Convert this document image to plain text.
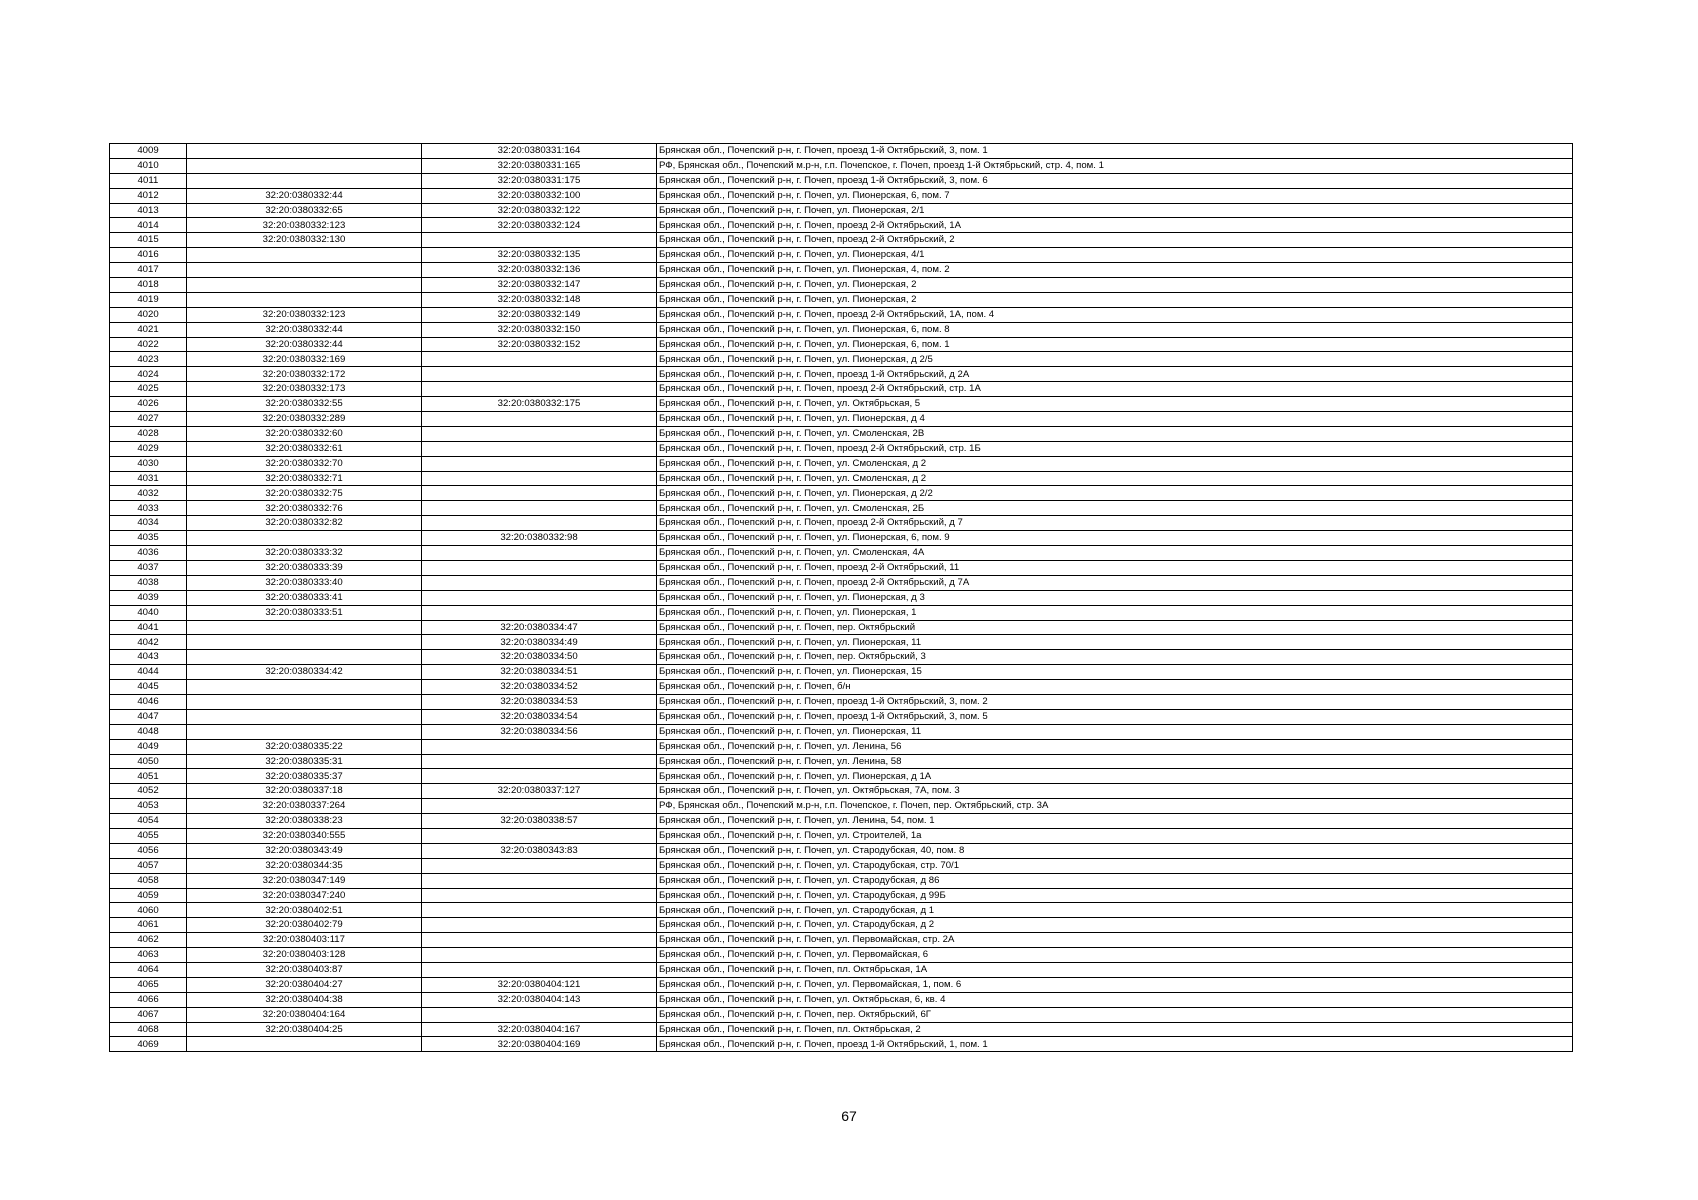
4009		32:20:0380331:164	Брянская обл., Почепский р-н, г. Почеп, проезд 1-й Октябрьский, 3, пом. 1
4010		32:20:0380331:165	РФ, Брянская обл., Почепский м.р-н, г.п. Почепское, г. Почеп, проезд 1-й Октябрьский, стр. 4, пом. 1
4011		32:20:0380331:175	Брянская обл., Почепский р-н, г. Почеп, проезд 1-й Октябрьский, 3, пом. 6
4012	32:20:0380332:44	32:20:0380332:100	Брянская обл., Почепский р-н, г. Почеп, ул. Пионерская, 6, пом. 7
4013	32:20:0380332:65	32:20:0380332:122	Брянская обл., Почепский р-н, г. Почеп, ул. Пионерская, 2/1
4014	32:20:0380332:123	32:20:0380332:124	Брянская обл., Почепский р-н, г. Почеп, проезд 2-й Октябрьский, 1А
4015	32:20:0380332:130		Брянская обл., Почепский р-н, г. Почеп, проезд 2-й Октябрьский, 2
4016		32:20:0380332:135	Брянская обл., Почепский р-н, г. Почеп, ул. Пионерская, 4/1
4017		32:20:0380332:136	Брянская обл., Почепский р-н, г. Почеп, ул. Пионерская, 4, пом. 2
4018		32:20:0380332:147	Брянская обл., Почепский р-н, г. Почеп, ул. Пионерская, 2
4019		32:20:0380332:148	Брянская обл., Почепский р-н, г. Почеп, ул. Пионерская, 2
4020	32:20:0380332:123	32:20:0380332:149	Брянская обл., Почепский р-н, г. Почеп, проезд 2-й Октябрьский, 1А, пом. 4
4021	32:20:0380332:44	32:20:0380332:150	Брянская обл., Почепский р-н, г. Почеп, ул. Пионерская, 6, пом. 8
4022	32:20:0380332:44	32:20:0380332:152	Брянская обл., Почепский р-н, г. Почеп, ул. Пионерская, 6, пом. 1
4023	32:20:0380332:169		Брянская обл., Почепский р-н, г. Почеп, ул. Пионерская, д 2/5
4024	32:20:0380332:172		Брянская обл., Почепский р-н, г. Почеп, проезд 1-й Октябрьский, д 2А
4025	32:20:0380332:173		Брянская обл., Почепский р-н, г. Почеп, проезд 2-й Октябрьский, стр. 1А
4026	32:20:0380332:55	32:20:0380332:175	Брянская обл., Почепский р-н, г. Почеп, ул. Октябрьская, 5
4027	32:20:0380332:289		Брянская обл., Почепский р-н, г. Почеп, ул. Пионерская, д 4
4028	32:20:0380332:60		Брянская обл., Почепский р-н, г. Почеп, ул. Смоленская, 2В
4029	32:20:0380332:61		Брянская обл., Почепский р-н, г. Почеп, проезд 2-й Октябрьский, стр. 1Б
4030	32:20:0380332:70		Брянская обл., Почепский р-н, г. Почеп, ул. Смоленская, д 2
4031	32:20:0380332:71		Брянская обл., Почепский р-н, г. Почеп, ул. Смоленская, д 2
4032	32:20:0380332:75		Брянская обл., Почепский р-н, г. Почеп, ул. Пионерская, д 2/2
4033	32:20:0380332:76		Брянская обл., Почепский р-н, г. Почеп, ул. Смоленская, 2Б
4034	32:20:0380332:82		Брянская обл., Почепский р-н, г. Почеп, проезд 2-й Октябрьский, д 7
4035		32:20:0380332:98	Брянская обл., Почепский р-н, г. Почеп, ул. Пионерская, 6, пом. 9
4036	32:20:0380333:32		Брянская обл., Почепский р-н, г. Почеп, ул. Смоленская, 4А
4037	32:20:0380333:39		Брянская обл., Почепский р-н, г. Почеп, проезд 2-й Октябрьский, 11
4038	32:20:0380333:40		Брянская обл., Почепский р-н, г. Почеп, проезд 2-й Октябрьский, д 7А
4039	32:20:0380333:41		Брянская обл., Почепский р-н, г. Почеп, ул. Пионерская, д 3
4040	32:20:0380333:51		Брянская обл., Почепский р-н, г. Почеп, ул. Пионерская, 1
4041		32:20:0380334:47	Брянская обл., Почепский р-н, г. Почеп, пер. Октябрьский
4042		32:20:0380334:49	Брянская обл., Почепский р-н, г. Почеп, ул. Пионерская, 11
4043		32:20:0380334:50	Брянская обл., Почепский р-н, г. Почеп, пер. Октябрьский, 3
4044	32:20:0380334:42	32:20:0380334:51	Брянская обл., Почепский р-н, г. Почеп, ул. Пионерская, 15
4045		32:20:0380334:52	Брянская обл., Почепский р-н, г. Почеп, б/н
4046		32:20:0380334:53	Брянская обл., Почепский р-н, г. Почеп, проезд 1-й Октябрьский, 3, пом. 2
4047		32:20:0380334:54	Брянская обл., Почепский р-н, г. Почеп, проезд 1-й Октябрьский, 3, пом. 5
4048		32:20:0380334:56	Брянская обл., Почепский р-н, г. Почеп, ул. Пионерская, 11
4049	32:20:0380335:22		Брянская обл., Почепский р-н, г. Почеп, ул. Ленина, 56
4050	32:20:0380335:31		Брянская обл., Почепский р-н, г. Почеп, ул. Ленина, 58
4051	32:20:0380335:37		Брянская обл., Почепский р-н, г. Почеп, ул. Пионерская, д 1А
4052	32:20:0380337:18	32:20:0380337:127	Брянская обл., Почепский р-н, г. Почеп, ул. Октябрьская, 7А, пом. 3
4053	32:20:0380337:264		РФ, Брянская обл., Почепский м.р-н, г.п. Почепское, г. Почеп, пер. Октябрьский, стр. 3А
4054	32:20:0380338:23	32:20:0380338:57	Брянская обл., Почепский р-н, г. Почеп, ул. Ленина, 54, пом. 1
4055	32:20:0380340:555		Брянская обл., Почепский р-н, г. Почеп, ул. Строителей, 1а
4056	32:20:0380343:49	32:20:0380343:83	Брянская обл., Почепский р-н, г. Почеп, ул. Стародубская, 40, пом. 8
4057	32:20:0380344:35		Брянская обл., Почепский р-н, г. Почеп, ул. Стародубская, стр. 70/1
4058	32:20:0380347:149		Брянская обл., Почепский р-н, г. Почеп, ул. Стародубская, д 86
4059	32:20:0380347:240		Брянская обл., Почепский р-н, г. Почеп, ул. Стародубская, д 99Б
4060	32:20:0380402:51		Брянская обл., Почепский р-н, г. Почеп, ул. Стародубская, д 1
4061	32:20:0380402:79		Брянская обл., Почепский р-н, г. Почеп, ул. Стародубская, д 2
4062	32:20:0380403:117		Брянская обл., Почепский р-н, г. Почеп, ул. Первомайская, стр. 2А
4063	32:20:0380403:128		Брянская обл., Почепский р-н, г. Почеп, ул. Первомайская, 6
4064	32:20:0380403:87		Брянская обл., Почепский р-н, г. Почеп, пл. Октябрьская, 1А
4065	32:20:0380404:27	32:20:0380404:121	Брянская обл., Почепский р-н, г. Почеп, ул. Первомайская, 1, пом. 6
4066	32:20:0380404:38	32:20:0380404:143	Брянская обл., Почепский р-н, г. Почеп, ул. Октябрьская, 6, кв. 4
4067	32:20:0380404:164		Брянская обл., Почепский р-н, г. Почеп, пер. Октябрьский, 6Г
4068	32:20:0380404:25	32:20:0380404:167	Брянская обл., Почепский р-н, г. Почеп, пл. Октябрьская, 2
4069		32:20:0380404:169	Брянская обл., Почепский р-н, г. Почеп, проезд 1-й Октябрьский, 1, пом. 1
67
